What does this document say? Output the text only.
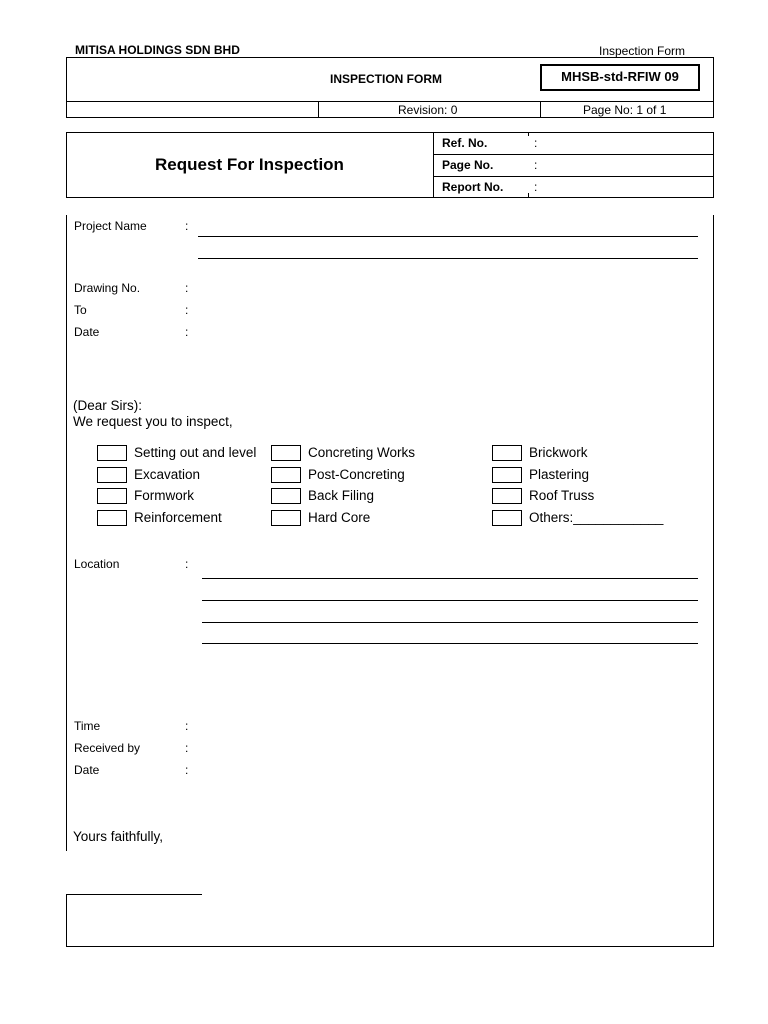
MITISA HOLDINGS SDN BHD	Inspection Form
INSPECTION FORM	MHSB-std-RFIW 09
Revision: 0	Page No: 1 of 1
Request For Inspection
Ref. No.	:
Page No.	:
Report No.	:
Project Name	:
Drawing No.	:
To	:
Date	:
(Dear Sirs):
We request you to inspect,
Setting out and level
Excavation
Formwork
Reinforcement
Concreting Works
Post-Concreting
Back Filing
Hard Core
Brickwork
Plastering
Roof Truss
Others:____________
Location	:
Time	:
Received by	:
Date	:
Yours faithfully,
